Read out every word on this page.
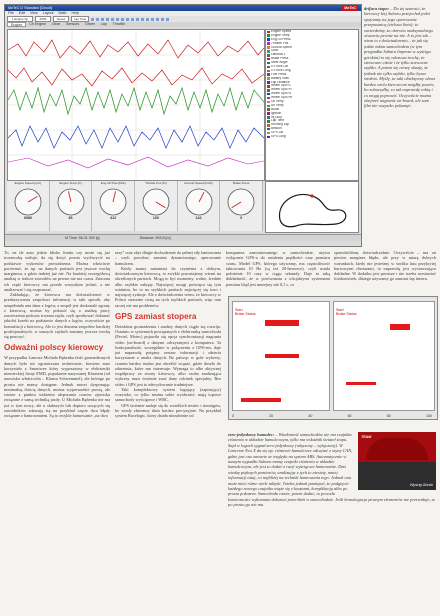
MoTeC i2 Standard [Circuit]	MoTeC
File Edit View Layout Math Help
1 Engine Sp	RPM	Speed	Lap Time
Engine	Ch Engine	Gear	Sensors	Driver	Lap	Throttle
Engine Speed
Engine Temp
Eng Oil Press
Throttle Pos
Ground Speed
Gear
Lambda 1
Brake Press
Steer Angle
G Force Lat
G Force Long
Fuel Press
Battery Volts
Lap Distance
Wheel Spd FL
Wheel Spd FR
Wheel Spd RL
Wheel Spd RR
Oil Temp
Air Temp
Boost
Ignition
Inj Duty
Lap Time
Running Lap
Beacon
GPS Lat
GPS Long
Engine Speed [rpm]
6980
Engine Temp [C]
85
Eng Oil Pres [kPa]
412
Throttle Pos [%]
100
Ground Speed [km/h]
142
Brake Press
0
M Time: 56.31 000 [s]	Distance: 903.8 [m]
drifaca stopa: – Do tej szarości, że kierowcy lżej Subaru przejechał jedni spojrzany na jego operowanie przepustnicą (zielona linia); to stwierdzimy, że okresów maksymalnego otwarcia pewnie na nie. A to jest tak – wiem to z doświadczenia – że jak się jedzie takim samochodem (w tym przypadku Subaru Impreza w wyścigu górskim) to się odczuwa trochę, że stresowne ciśnie i że tylko stresowne szybko. A potem się cieszę okazję, że jednak nie tylko szybko, tylko bywa średnio. Myślę, że taki obiektywny obraz bardzo wielu kierowcom mógłby pomóc, bo zobaczyłby, co tak naprawdę robią i co mogą poprawić. Oczywiście można obejrzeć nagranie on-board, ale sam film nie wszystko pokazuje.

To, na ile auto jedzie blisko limitu czy może się już troszeczkę usiłuje, da się dosyć prosto wychwycić na podstawie wykresów prowadzenia. Można właściwie porównać, że np. na danych partiach jest jeszcze trochę marginesu, a gdzie indziej już nie. Na bardziej szczegółową analizę w trakcie zawodów na pewno nie ma czasu. Znaczna ich część kierowcy ma przede wszystkim jechać, a nie analizować i się rozpraszać.

Zakładając, że kierowca ma doświadczenie w przekazywaniu zespołowi informacji w taki sposób, aby uzupełniała ona dane z logów, a zespół jest doskonale zgrany z kierowcą, można by pokusić się o analizę pracy zawieszenia podczas trwania rajdu, czyli sprobować dokonać jakichś korekt na podstawie danych z logów, oczywiście po konsultacji z kierowcą. Ale to jest domena zespołów bardziej profesjonalnych, w naszych rajdach musimy jeszcze trochę się pouczyć.

Odważni polscy kierowcy

W przypadku Lancera Michała Bębenka ilość gromadzonych danych była też ograniczona technicznie, bowiem auto korzystało z Smartwee który wyposażony w elektroniki niemieckiej firmy EMD, popularnie nazywanej Klausem (od nazwiska właściciela – Klausa Schwemmel), ale którego po prostu nie mamy dostępne. Jednak nawet dysponując minimalną ilością danych, można wyprowadzić prostą, ale istotne z punktu widzenia ulepszania czasów zjawiska związane z samą techniką jazdy. U Michała Bębenka nie ma już w tym nowy, ale u słabszych lub dopiero uczących się zawodników zdarzają się na przykład częste dwa błędy związane z hamowaniem. Są to zwykle hamowanie „na dwa

razy” oraz zbyt długie dochodzenie do pełnej siły hamowania – czyli powolne, zamiast dynamicznego, operowanie hamulcem.

Kiedy mamy natomiast do czynienia z dobrym, doświadczonym kierowcą, to zwykle pozostajemy wierni na określonych partiach. Mogą to być momenty, wolne, średnie albo szybkie zakręty. Najwięcej uwagi poświęca się tym ostatnim, bo to na szybkich partiach najwięcej się traci i najwięcej zyskuje. Ale z doświadczenia wiem, że kierowcy w Polsce strasznie cisną na tych szybkich partiach, więc tam raczej nie ma problemów.

GPS zamiast stopera

Dziedzina gromadzenia i analizy danych ciągle się rozwija. Ostatnio w systemach powiązanych z elektroniką samochodu (Pectel, Motec) pojawiła się opcja synchronizacji nagrania video (on-board) z danymi odczytanymi z komputera. Ta funkcjonalność, szczególnie w połączeniu z GPS-em, daje już naprawdę potężny zestaw informacji i ułatwia korzystanie z analiz danych. Bo patrząc w gołe wykresy, czasem bardzo trudno jest określić wiązać, gdzie doszło do zdarzenia, które nas interesuje. Wymaga to albo aktywnej współpracy ze strony kierowcy, albo osoba analizująca wykresy musi świetnie znać dany odcinek specjalny. Bez video i GPS jest to zdecydowanie trudniejsze.

Taki kompleksowy system logujący (zapisujący) wszystko, co tylko można sobie wyobrazić, mają topowe samochody wyścigowe i WRC.

GPS świetnie nadaje się do wszelkich testów i treningów, bo wtedy zbieramy dużo bardzo precyzyjnie. Na przykład system Racelogic, który działa niezależnie od

komputera zamontowanego w samochodzie, używa wyłącznie GPS-u do ustalenia prędkości oraz pomiaru czasu. Model GPS, którego używamy, ma częstotliwość taktowania 10 Hz (są też 20-herzowe), czyli ustala położenie 10 razy w ciągu sekundy. Daje to taką dokładność, że w porównaniu z oficjalnymi systemami pomiaru błąd jest mniejszy niż 0,1 s, co

sprawdziliśmy doświadczalnie. Oczywiście – ma on pewien margines błędu, ale przy w miarę dobrych warunkach, kiedy nie jesteśmy w środku lasu przykrytej burzowymi chmurami, to naprawdę jest wystarczająco dokładne. W dodatku jest prostsze i nie trzeba rozstawiać fotokomórek, dlatego używamy go zamiast lap timera.

Start
Brake Status
Start
Brake Status
0	20	40	60	80	100
TEAM
Wyścig Górski
zero-jedynkowy hamulec: – Wiadomość samochodów nie ma czujnika ciśnienia w układzie hamulcowym, tylko ma wskaźnik świateł stopu. Stąd w logach sygnał zero-jedynkowy (włączony – wyłączony). W Lancerze Evo X da się np. ciśnienie hamulcowe odczytać z szyny CAN, gdzie jest ono zawarte ze względu na system ABS. Automatycznie w naszym wypadku Subaru mamy czujniki ciśnienia w układzie hamulcowym, ale jest to dodać z racji wyścigowe hamowanie. Dziś wiedzę pięknych pomiarów, analizując z tych to niestety, mniej informacji tutaj, co najbliżej na techniki hamowania tego. Jednak ona może mieć różne wiele taktyki. Trzeba jednak pamiętać, że podgięcie każdego nowego czujnika wiąże się z kosztami, komplikacją albo po prostu pokazem. Samochodu ramie, potem dodać, to powodu konieczności wykonania dokonać przeróbek w samochodzie. Jeśli homologacja pewnym elementów nie przewiduje, to po prostu go nie ma.
